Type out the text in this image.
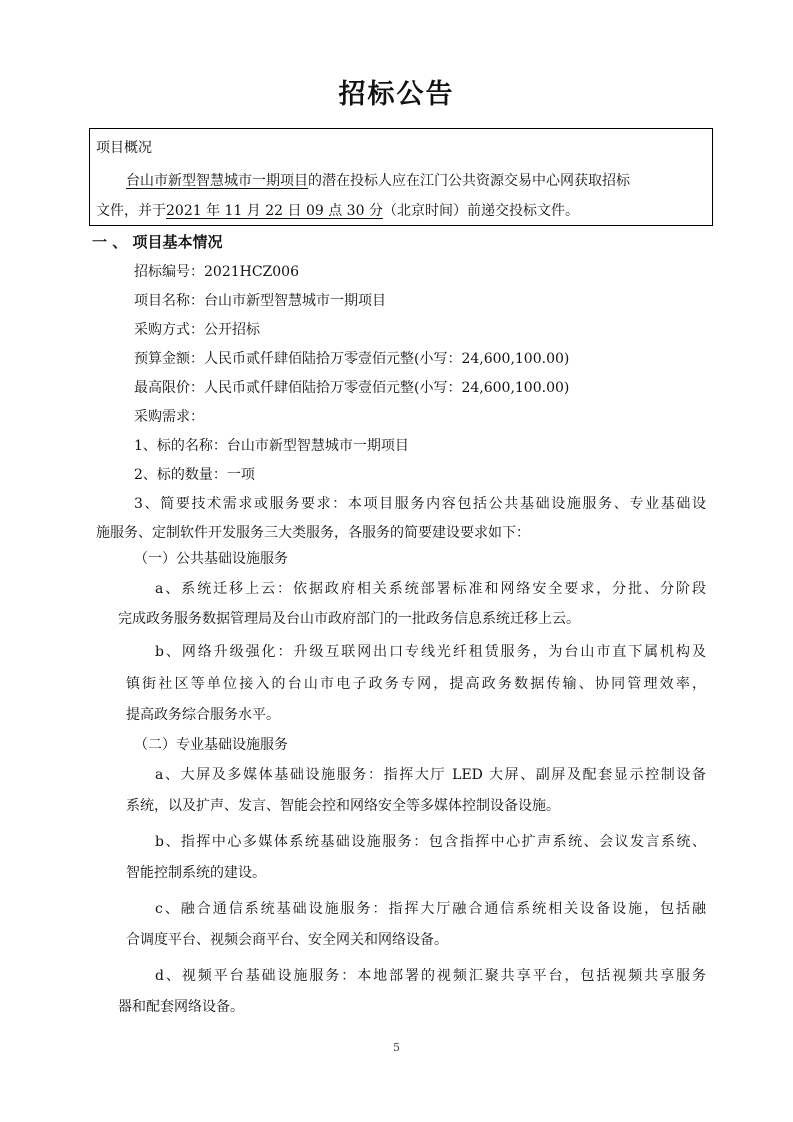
招标公告
项目概况
台山市新型智慧城市一期项目的潜在投标人应在江门公共资源交易中心网获取招标
文件，并于2021 年 11 月 22 日 09 点 30 分（北京时间）前递交投标文件。
一 、 项目基本情况
招标编号：2021HCZ006
项目名称：台山市新型智慧城市一期项目
采购方式：公开招标
预算金额：人民币贰仟肆佰陆拾万零壹佰元整(小写：24,600,100.00)
最高限价：人民币贰仟肆佰陆拾万零壹佰元整(小写：24,600,100.00)
采购需求：
1、标的名称：台山市新型智慧城市一期项目
2、标的数量：一项
3、简要技术需求或服务要求：本项目服务内容包括公共基础设施服务、专业基础设
施服务、定制软件开发服务三大类服务，各服务的简要建设要求如下：
（一）公共基础设施服务
a、系统迁移上云：依据政府相关系统部署标准和网络安全要求，分批、分阶段
完成政务服务数据管理局及台山市政府部门的一批政务信息系统迁移上云。
b、网络升级强化：升级互联网出口专线光纤租赁服务，为台山市直下属机构及
镇街社区等单位接入的台山市电子政务专网，提高政务数据传输、协同管理效率，
提高政务综合服务水平。
（二）专业基础设施服务
a、大屏及多媒体基础设施服务：指挥大厅 LED 大屏、副屏及配套显示控制设备
系统，以及扩声、发言、智能会控和网络安全等多媒体控制设备设施。
b、指挥中心多媒体系统基础设施服务：包含指挥中心扩声系统、会议发言系统、
智能控制系统的建设。
c、融合通信系统基础设施服务：指挥大厅融合通信系统相关设备设施，包括融
合调度平台、视频会商平台、安全网关和网络设备。
d、视频平台基础设施服务：本地部署的视频汇聚共享平台，包括视频共享服务
器和配套网络设备。
5
